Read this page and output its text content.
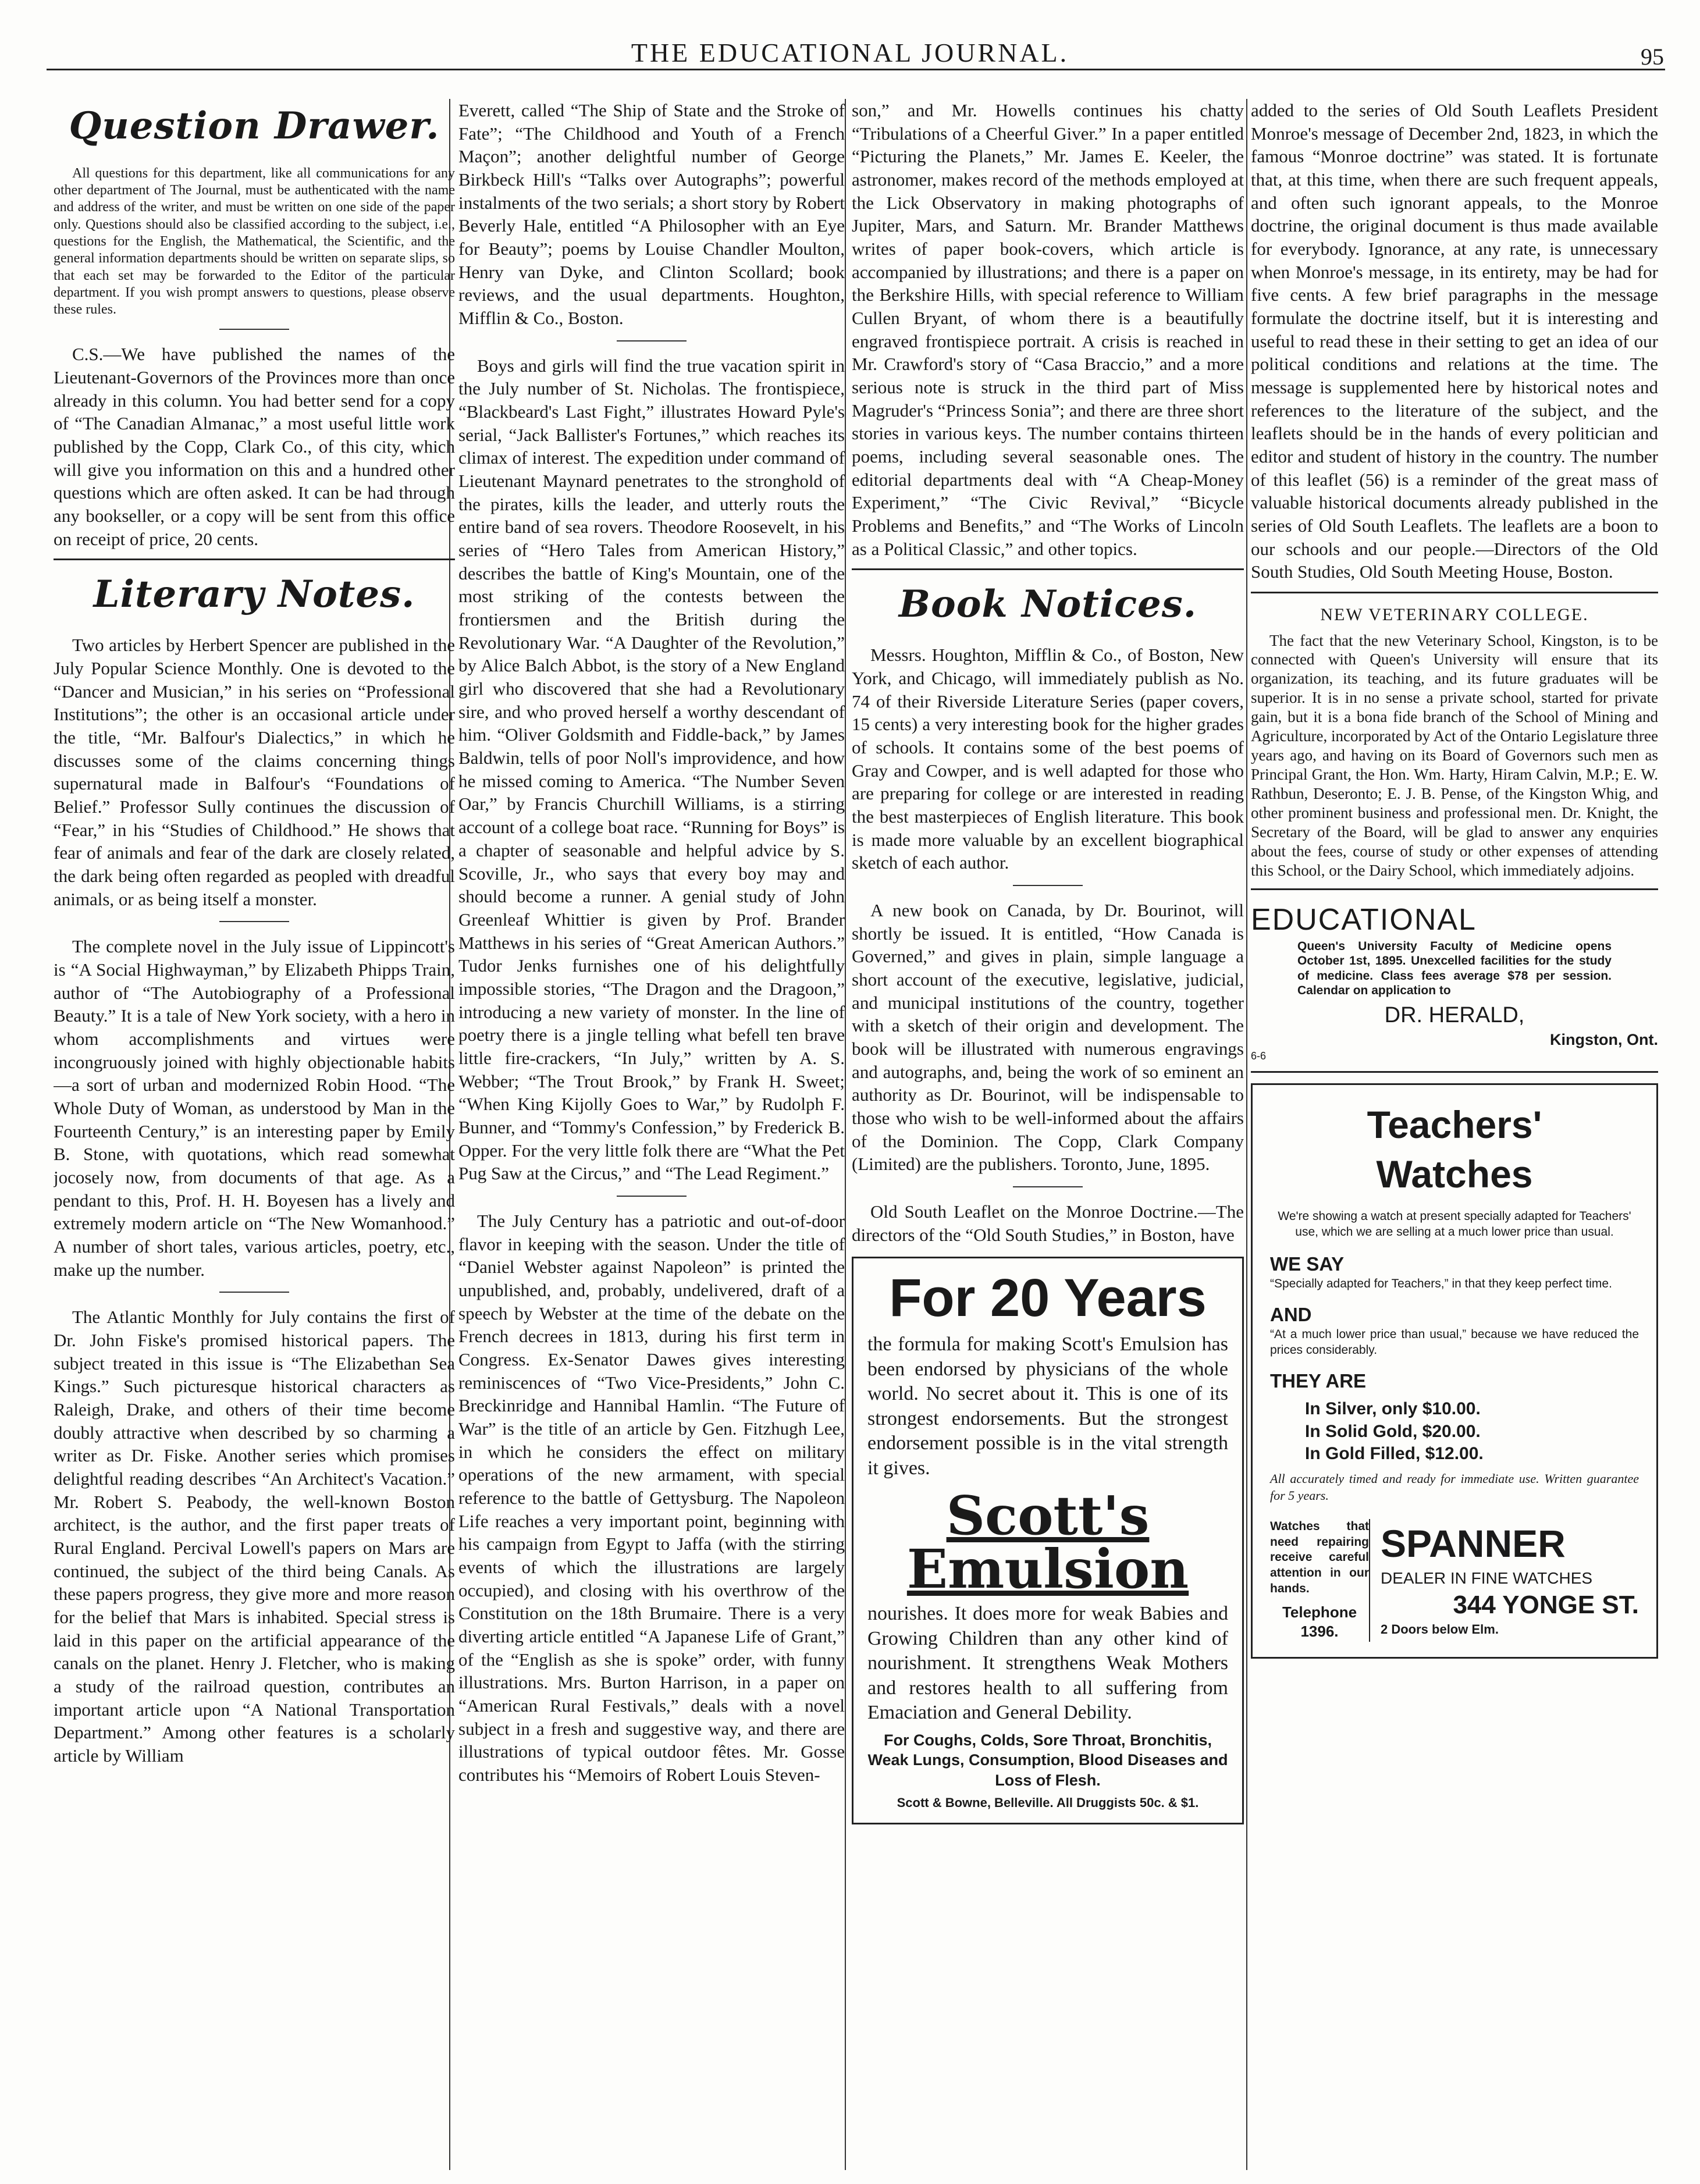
THE EDUCATIONAL JOURNAL.	95
Question Drawer.

All questions for this department, like all communications for any other department of The Journal, must be authenticated with the name and address of the writer, and must be written on one side of the paper only. Questions should also be classified according to the subject, i.e., questions for the English, the Mathematical, the Scientific, and the general information departments should be written on separate slips, so that each set may be forwarded to the Editor of the particular department. If you wish prompt answers to questions, please observe these rules.

C.S.—We have published the names of the Lieutenant-Governors of the Provinces more than once already in this column. You had better send for a copy of “The Canadian Almanac,” a most useful little work published by the Copp, Clark Co., of this city, which will give you information on this and a hundred other questions which are often asked. It can be had through any bookseller, or a copy will be sent from this office on receipt of price, 20 cents.

Literary Notes.

Two articles by Herbert Spencer are published in the July Popular Science Monthly. One is devoted to the “Dancer and Musician,” in his series on “Professional Institutions”; the other is an occasional article under the title, “Mr. Balfour's Dialectics,” in which he discusses some of the claims concerning things supernatural made in Balfour's “Foundations of Belief.” Professor Sully continues the discussion of “Fear,” in his “Studies of Childhood.” He shows that fear of animals and fear of the dark are closely related, the dark being often regarded as peopled with dreadful animals, or as being itself a monster.

The complete novel in the July issue of Lippincott's is “A Social Highwayman,” by Elizabeth Phipps Train, author of “The Autobiography of a Professional Beauty.” It is a tale of New York society, with a hero in whom accomplishments and virtues were incongruously joined with highly objectionable habits—a sort of urban and modernized Robin Hood. “The Whole Duty of Woman, as understood by Man in the Fourteenth Century,” is an interesting paper by Emily B. Stone, with quotations, which read somewhat jocosely now, from documents of that age. As a pendant to this, Prof. H. H. Boyesen has a lively and extremely modern article on “The New Womanhood.” A number of short tales, various articles, poetry, etc., make up the number.

The Atlantic Monthly for July contains the first of Dr. John Fiske's promised historical papers. The subject treated in this issue is “The Elizabethan Sea Kings.” Such picturesque historical characters as Raleigh, Drake, and others of their time become doubly attractive when described by so charming a writer as Dr. Fiske. Another series which promises delightful reading describes “An Architect's Vacation.” Mr. Robert S. Peabody, the well-known Boston architect, is the author, and the first paper treats of Rural England. Percival Lowell's papers on Mars are continued, the subject of the third being Canals. As these papers progress, they give more and more reason for the belief that Mars is inhabited. Special stress is laid in this paper on the artificial appearance of the canals on the planet. Henry J. Fletcher, who is making a study of the railroad question, contributes an important article upon “A National Transportation Department.” Among other features is a scholarly article by William

Everett, called “The Ship of State and the Stroke of Fate”; “The Childhood and Youth of a French Maçon”; another delightful number of George Birkbeck Hill's “Talks over Autographs”; powerful instalments of the two serials; a short story by Robert Beverly Hale, entitled “A Philosopher with an Eye for Beauty”; poems by Louise Chandler Moulton, Henry van Dyke, and Clinton Scollard; book reviews, and the usual departments. Houghton, Mifflin & Co., Boston.

Boys and girls will find the true vacation spirit in the July number of St. Nicholas. The frontispiece, “Blackbeard's Last Fight,” illustrates Howard Pyle's serial, “Jack Ballister's Fortunes,” which reaches its climax of interest. The expedition under command of Lieutenant Maynard penetrates to the stronghold of the pirates, kills the leader, and utterly routs the entire band of sea rovers. Theodore Roosevelt, in his series of “Hero Tales from American History,” describes the battle of King's Mountain, one of the most striking of the contests between the frontiersmen and the British during the Revolutionary War. “A Daughter of the Revolution,” by Alice Balch Abbot, is the story of a New England girl who discovered that she had a Revolutionary sire, and who proved herself a worthy descendant of him. “Oliver Goldsmith and Fiddle-back,” by James Baldwin, tells of poor Noll's improvidence, and how he missed coming to America. “The Number Seven Oar,” by Francis Churchill Williams, is a stirring account of a college boat race. “Running for Boys” is a chapter of seasonable and helpful advice by S. Scoville, Jr., who says that every boy may and should become a runner. A genial study of John Greenleaf Whittier is given by Prof. Brander Matthews in his series of “Great American Authors.” Tudor Jenks furnishes one of his delightfully impossible stories, “The Dragon and the Dragoon,” introducing a new variety of monster. In the line of poetry there is a jingle telling what befell ten brave little fire-crackers, “In July,” written by A. S. Webber; “The Trout Brook,” by Frank H. Sweet; “When King Kijolly Goes to War,” by Rudolph F. Bunner, and “Tommy's Confession,” by Frederick B. Opper. For the very little folk there are “What the Pet Pug Saw at the Circus,” and “The Lead Regiment.”

The July Century has a patriotic and out-of-door flavor in keeping with the season. Under the title of “Daniel Webster against Napoleon” is printed the unpublished, and, probably, undelivered, draft of a speech by Webster at the time of the debate on the French decrees in 1813, during his first term in Congress. Ex-Senator Dawes gives interesting reminiscences of “Two Vice-Presidents,” John C. Breckinridge and Hannibal Hamlin. “The Future of War” is the title of an article by Gen. Fitzhugh Lee, in which he considers the effect on military operations of the new armament, with special reference to the battle of Gettysburg. The Napoleon Life reaches a very important point, beginning with his campaign from Egypt to Jaffa (with the stirring events of which the illustrations are largely occupied), and closing with his overthrow of the Constitution on the 18th Brumaire. There is a very diverting article entitled “A Japanese Life of Grant,” of the “English as she is spoke” order, with funny illustrations. Mrs. Burton Harrison, in a paper on “American Rural Festivals,” deals with a novel subject in a fresh and suggestive way, and there are illustrations of typical outdoor fêtes. Mr. Gosse contributes his “Memoirs of Robert Louis Steven-

son,” and Mr. Howells continues his chatty “Tribulations of a Cheerful Giver.” In a paper entitled “Picturing the Planets,” Mr. James E. Keeler, the astronomer, makes record of the methods employed at the Lick Observatory in making photographs of Jupiter, Mars, and Saturn. Mr. Brander Matthews writes of paper book-covers, which article is accompanied by illustrations; and there is a paper on the Berkshire Hills, with special reference to William Cullen Bryant, of whom there is a beautifully engraved frontispiece portrait. A crisis is reached in Mr. Crawford's story of “Casa Braccio,” and a more serious note is struck in the third part of Miss Magruder's “Princess Sonia”; and there are three short stories in various keys. The number contains thirteen poems, including several seasonable ones. The editorial departments deal with “A Cheap-Money Experiment,” “The Civic Revival,” “Bicycle Problems and Benefits,” and “The Works of Lincoln as a Political Classic,” and other topics.

Book Notices.

Messrs. Houghton, Mifflin & Co., of Boston, New York, and Chicago, will immediately publish as No. 74 of their Riverside Literature Series (paper covers, 15 cents) a very interesting book for the higher grades of schools. It contains some of the best poems of Gray and Cowper, and is well adapted for those who are preparing for college or are interested in reading the best masterpieces of English literature. This book is made more valuable by an excellent biographical sketch of each author.

A new book on Canada, by Dr. Bourinot, will shortly be issued. It is entitled, “How Canada is Governed,” and gives in plain, simple language a short account of the executive, legislative, judicial, and municipal institutions of the country, together with a sketch of their origin and development. The book will be illustrated with numerous engravings and autographs, and, being the work of so eminent an authority as Dr. Bourinot, will be indispensable to those who wish to be well-informed about the affairs of the Dominion. The Copp, Clark Company (Limited) are the publishers. Toronto, June, 1895.

Old South Leaflet on the Monroe Doctrine.—The directors of the “Old South Studies,” in Boston, have

For 20 Years
the formula for making Scott's Emulsion has been endorsed by physicians of the whole world. No secret about it. This is one of its strongest endorsements. But the strongest endorsement possible is in the vital strength it gives.
Scott's
Emulsion
nourishes. It does more for weak Babies and Growing Children than any other kind of nourishment. It strengthens Weak Mothers and restores health to all suffering from Emaciation and General Debility.
For Coughs, Colds, Sore Throat, Bronchitis, Weak Lungs, Consumption, Blood Diseases and Loss of Flesh.
Scott & Bowne, Belleville. All Druggists 50c. & $1.

added to the series of Old South Leaflets President Monroe's message of December 2nd, 1823, in which the famous “Monroe doctrine” was stated. It is fortunate that, at this time, when there are such frequent appeals, and often such ignorant appeals, to the Monroe doctrine, the original document is thus made available for everybody. Ignorance, at any rate, is unnecessary when Monroe's message, in its entirety, may be had for five cents. A few brief paragraphs in the message formulate the doctrine itself, but it is interesting and useful to read these in their setting to get an idea of our political conditions and relations at the time. The message is supplemented here by historical notes and references to the literature of the subject, and the leaflets should be in the hands of every politician and editor and student of history in the country. The number of this leaflet (56) is a reminder of the great mass of valuable historical documents already published in the series of Old South Leaflets. The leaflets are a boon to our schools and our people.—Directors of the Old South Studies, Old South Meeting House, Boston.

NEW VETERINARY COLLEGE.

The fact that the new Veterinary School, Kingston, is to be connected with Queen's University will ensure that its organization, its teaching, and its future graduates will be superior. It is in no sense a private school, started for private gain, but it is a bona fide branch of the School of Mining and Agriculture, incorporated by Act of the Ontario Legislature three years ago, and having on its Board of Governors such men as Principal Grant, the Hon. Wm. Harty, Hiram Calvin, M.P.; E. W. Rathbun, Deseronto; E. J. B. Pense, of the Kingston Whig, and other prominent business and professional men. Dr. Knight, the Secretary of the Board, will be glad to answer any enquiries about the fees, course of study or other expenses of attending this School, or the Dairy School, which immediately adjoins.

EDUCATIONAL
Queen's University Faculty of Medicine opens October 1st, 1895. Unexcelled facilities for the study of medicine. Class fees average $78 per session. Calendar on application to
DR. HERALD,
Kingston, Ont.
6-6
Teachers'
Watches
We're showing a watch at present specially adapted for Teachers' use, which we are selling at a much lower price than usual.
WE SAY
“Specially adapted for Teachers,” in that they keep perfect time.
AND
“At a much lower price than usual,” because we have reduced the prices considerably.
THEY ARE
In Silver, only $10.00.
In Solid Gold, $20.00.
In Gold Filled, $12.00.
All accurately timed and ready for immediate use. Written guarantee for 5 years.
Watches that need repairing receive careful attention in our hands.
Telephone 1396.
SPANNER
DEALER IN FINE WATCHES
344 YONGE ST.
2 Doors below Elm.
